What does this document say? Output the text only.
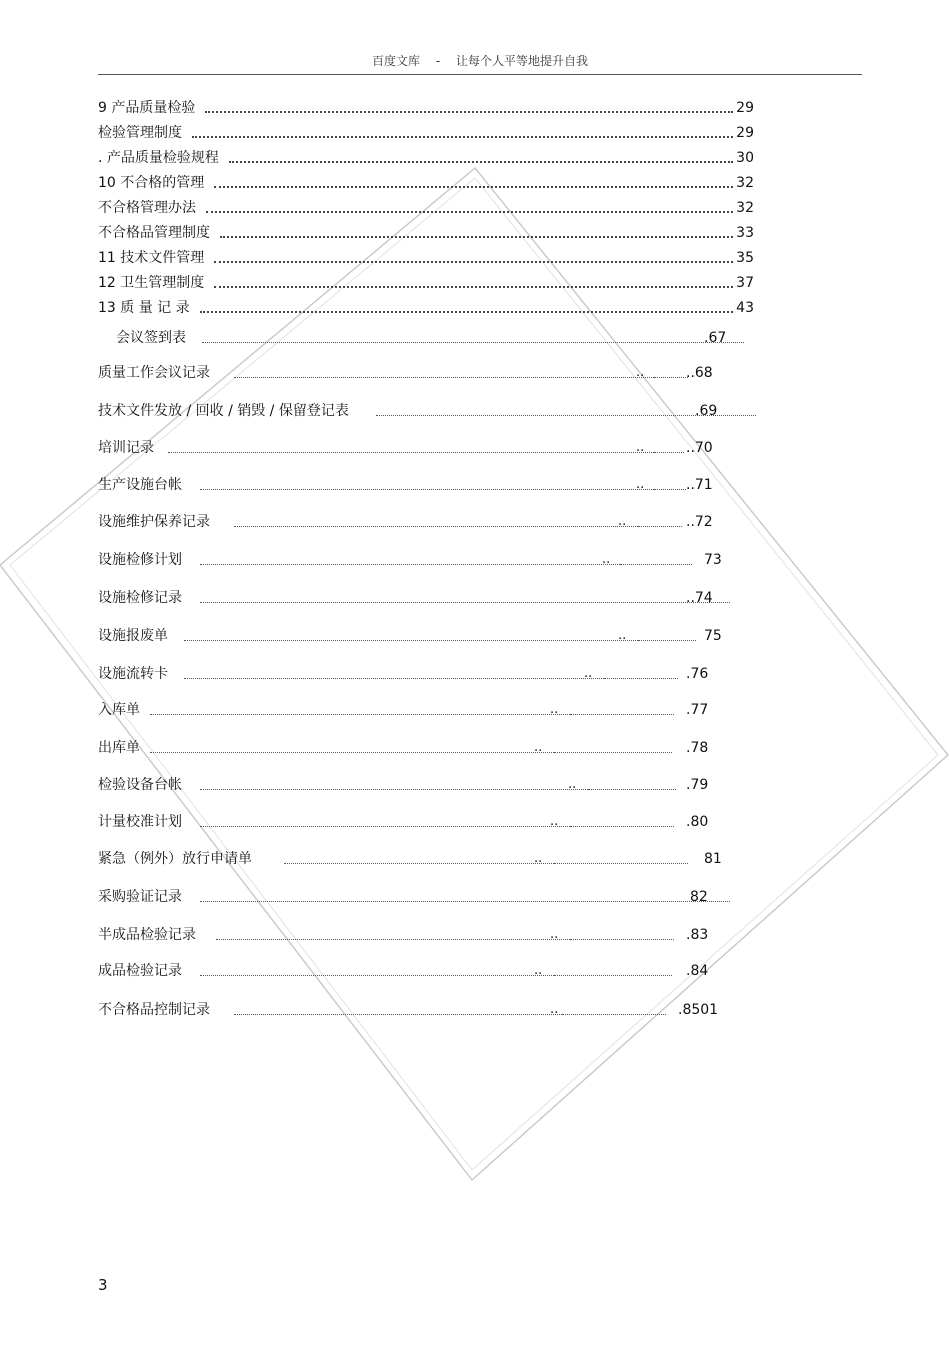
百度文库 - 让每个人平等地提升自我
9 产品质量检验	29
检验管理制度	29
. 产品质量检验规程	30
10 不合格的管理	32
不合格管理办法	32
不合格品管理制度	33
11 技术文件管理	35
12 卫生管理制度	37
13 质 量 记 录	43
会议签到表	.67
质量工作会议记录	..	..68
技术文件发放 / 回收 / 销毁 / 保留登记表	.69
培训记录	..	..70
生产设施台帐	..	..71
设施维护保养记录	..	..72
设施检修计划	..	73
设施检修记录	..74
设施报废单	..	75
设施流转卡	..	.76
入库单	..	.77
出库单	..	.78
检验设备台帐	..	.79
计量校准计划	..	.80
紧急（例外）放行申请单	..	81
采购验证记录	82
半成品检验记录	..	.83
成品检验记录	..	.84
不合格品控制记录	..	.8501
3
